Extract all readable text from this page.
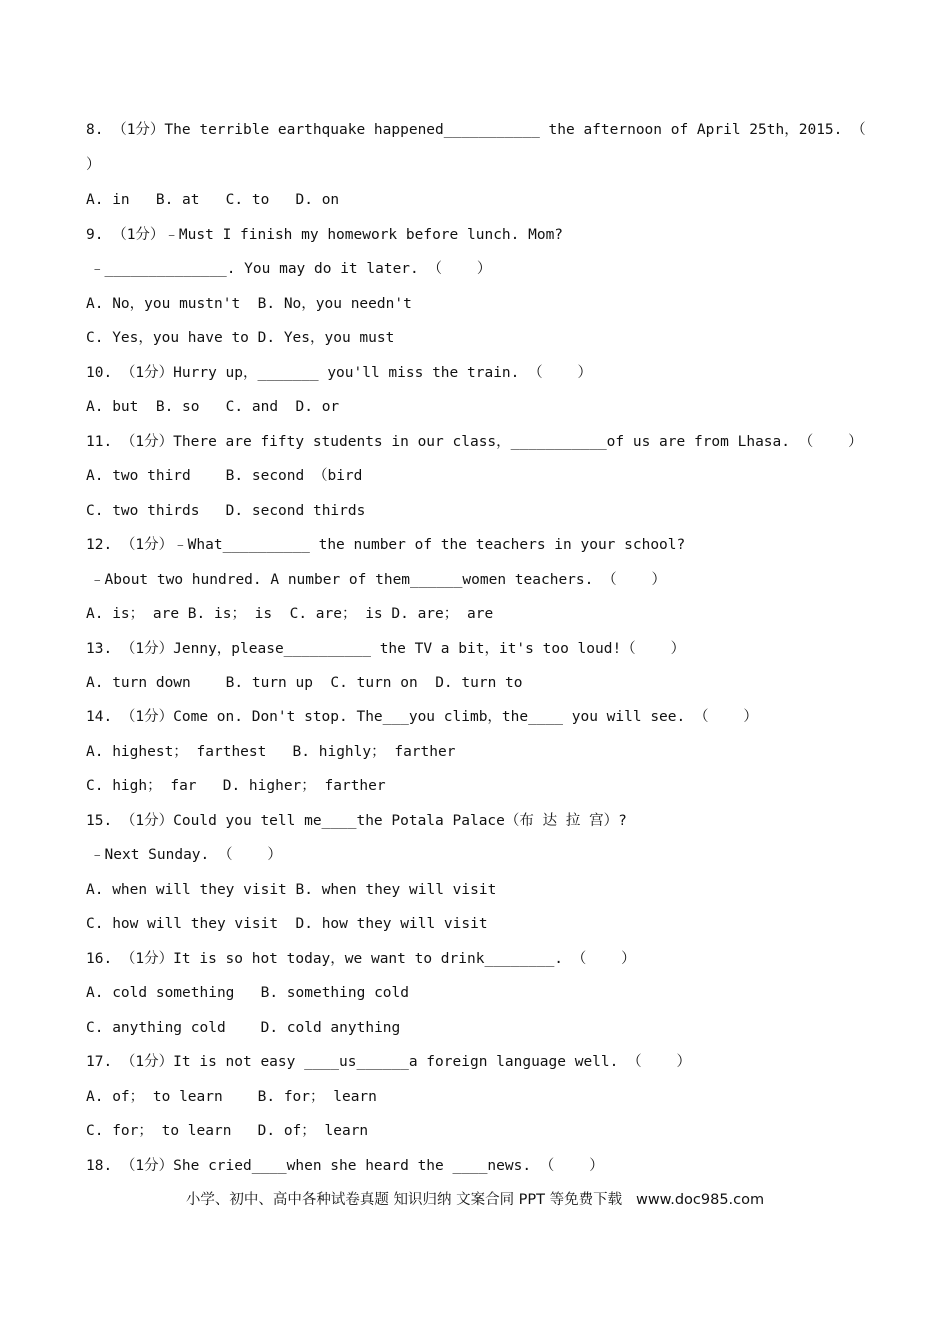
8. （1分）The terrible earthquake happened___________ the afternoon of April 25th，2015. （
）
A. in   B. at   C. to   D. on
9. （1分）﹣Must I finish my homework before lunch. Mom?
﹣______________. You may do it later. （    ）
A. No，you mustn't  B. No，you needn't
C. Yes，you have to D. Yes，you must
10. （1分）Hurry up，_______ you'll miss the train. （    ）
A. but  B. so   C. and  D. or
11. （1分）There are fifty students in our class，___________of us are from Lhasa. （    ）
A. two third    B. second （bird
C. two thirds   D. second thirds
12. （1分）﹣What__________ the number of the teachers in your school?
﹣About two hundred. A number of them______women teachers. （    ）
A. is； are B. is； is  C. are； is D. are； are
13. （1分）Jenny，please__________ the TV a bit，it's too loud!（    ）
A. turn down    B. turn up  C. turn on  D. turn to
14. （1分）Come on. Don't stop. The___you climb，the____ you will see. （    ）
A. highest； farthest   B. highly； farther
C. high； far   D. higher； farther
15. （1分）Could you tell me____the Potala Palace（布 达 拉 宫）?
﹣Next Sunday. （    ）
A. when will they visit B. when they will visit
C. how will they visit  D. how they will visit
16. （1分）It is so hot today，we want to drink________. （    ）
A. cold something   B. something cold
C. anything cold    D. cold anything
17. （1分）It is not easy ____us______a foreign language well. （    ）
A. of； to learn    B. for； learn
C. for； to learn   D. of； learn
18. （1分）She cried____when she heard the ____news. （    ）
小学、初中、高中各种试卷真题 知识归纳 文案合同 PPT 等免费下载   www.doc985.com
